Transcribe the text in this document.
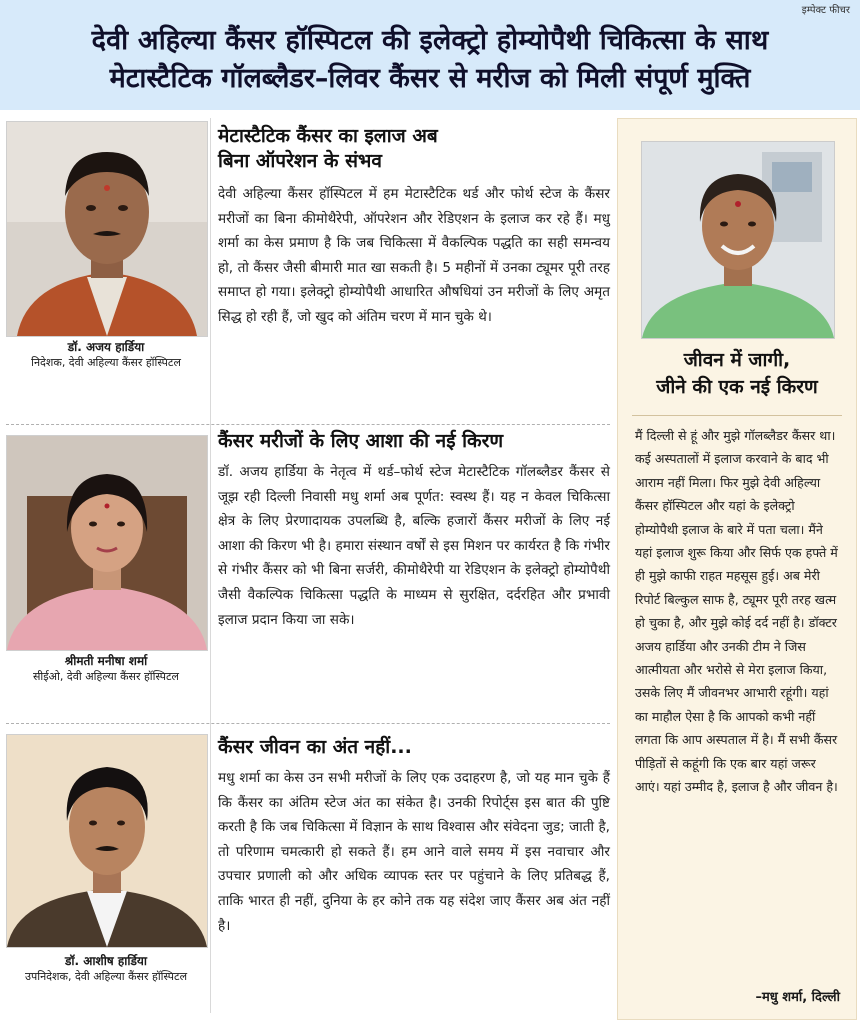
इम्पेक्ट फीचर
देवी अहिल्या कैंसर हॉस्पिटल की इलेक्ट्रो होम्योपैथी चिकित्सा के साथ
मेटास्टैटिक गॉलब्लैडर–लिवर कैंसर से मरीज को मिली संपूर्ण मुक्ति
डॉ. अजय हार्डिया
निदेशक, देवी अहिल्या कैंसर हॉस्पिटल
मेटास्टैटिक कैंसर का इलाज अब
बिना ऑपरेशन के संभव
देवी अहिल्या कैंसर हॉस्पिटल में हम मेटास्टैटिक थर्ड और फोर्थ स्टेज के कैंसर मरीजों का बिना कीमोथैरेपी, ऑपरेशन और रेडिएशन के इलाज कर रहे हैं। मधु शर्मा का केस प्रमाण है कि जब चिकित्सा में वैकल्पिक पद्धति का सही समन्वय हो, तो कैंसर जैसी बीमारी मात खा सकती है। 5 महीनों में उनका ट्यूमर पूरी तरह समाप्त हो गया। इलेक्ट्रो होम्योपैथी आधारित औषधियां उन मरीजों के लिए अमृत सिद्ध हो रही हैं, जो खुद को अंतिम चरण में मान चुके थे।
श्रीमती मनीषा शर्मा
सीईओ, देवी अहिल्या कैंसर हॉस्पिटल
कैंसर मरीजों के लिए आशा की नई किरण
डॉ. अजय हार्डिया के नेतृत्व में थर्ड–फोर्थ स्टेज मेटास्टैटिक गॉलब्लैडर कैंसर से जूझ रही दिल्ली निवासी मधु शर्मा अब पूर्णत: स्वस्थ हैं। यह न केवल चिकित्सा क्षेत्र के लिए प्रेरणादायक उपलब्धि है, बल्कि हजारों कैंसर मरीजों के लिए नई आशा की किरण भी है। हमारा संस्थान वर्षों से इस मिशन पर कार्यरत है कि गंभीर से गंभीर कैंसर को भी बिना सर्जरी, कीमोथैरेपी या रेडिएशन के इलेक्ट्रो होम्योपैथी जैसी वैकल्पिक चिकित्सा पद्धति के माध्यम से सुरक्षित, दर्दरहित और प्रभावी इलाज प्रदान किया जा सके।
डॉ. आशीष हार्डिया
उपनिदेशक, देवी अहिल्या कैंसर हॉस्पिटल
कैंसर जीवन का अंत नहीं...
मधु शर्मा का केस उन सभी मरीजों के लिए एक उदाहरण है, जो यह मान चुके हैं कि कैंसर का अंतिम स्टेज अंत का संकेत है। उनकी रिपोर्ट्स इस बात की पुष्टि करती है कि जब चिकित्सा में विज्ञान के साथ विश्वास और संवेदना जुड; जाती है, तो परिणाम चमत्कारी हो सकते हैं। हम आने वाले समय में इस नवाचार और उपचार प्रणाली को और अधिक व्यापक स्तर पर पहुंचाने के लिए प्रतिबद्ध हैं, ताकि भारत ही नहीं, दुनिया के हर कोने तक यह संदेश जाए कैंसर अब अंत नहीं है।
जीवन में जागी,
जीने की एक नई किरण
मैं दिल्ली से हूं और मुझे गॉलब्लैडर कैंसर था। कई अस्पतालों में इलाज करवाने के बाद भी आराम नहीं मिला। फिर मुझे देवी अहिल्या कैंसर हॉस्पिटल और यहां के इलेक्ट्रो होम्योपैथी इलाज के बारे में पता चला। मैंने यहां इलाज शुरू किया और सिर्फ एक हफ्ते में ही मुझे काफी राहत महसूस हुई। अब मेरी रिपोर्ट बिल्कुल साफ है, ट्यूमर पूरी तरह खत्म हो चुका है, और मुझे कोई दर्द नहीं है। डॉक्टर अजय हार्डिया और उनकी टीम ने जिस आत्मीयता और भरोसे से मेरा इलाज किया, उसके लिए मैं जीवनभर आभारी रहूंगी। यहां का माहौल ऐसा है कि आपको कभी नहीं लगता कि आप अस्पताल में है। मैं सभी कैंसर पीड़ितों से कहूंगी कि एक बार यहां जरूर आएं। यहां उम्मीद है, इलाज है और जीवन है।
–मधु शर्मा, दिल्ली
